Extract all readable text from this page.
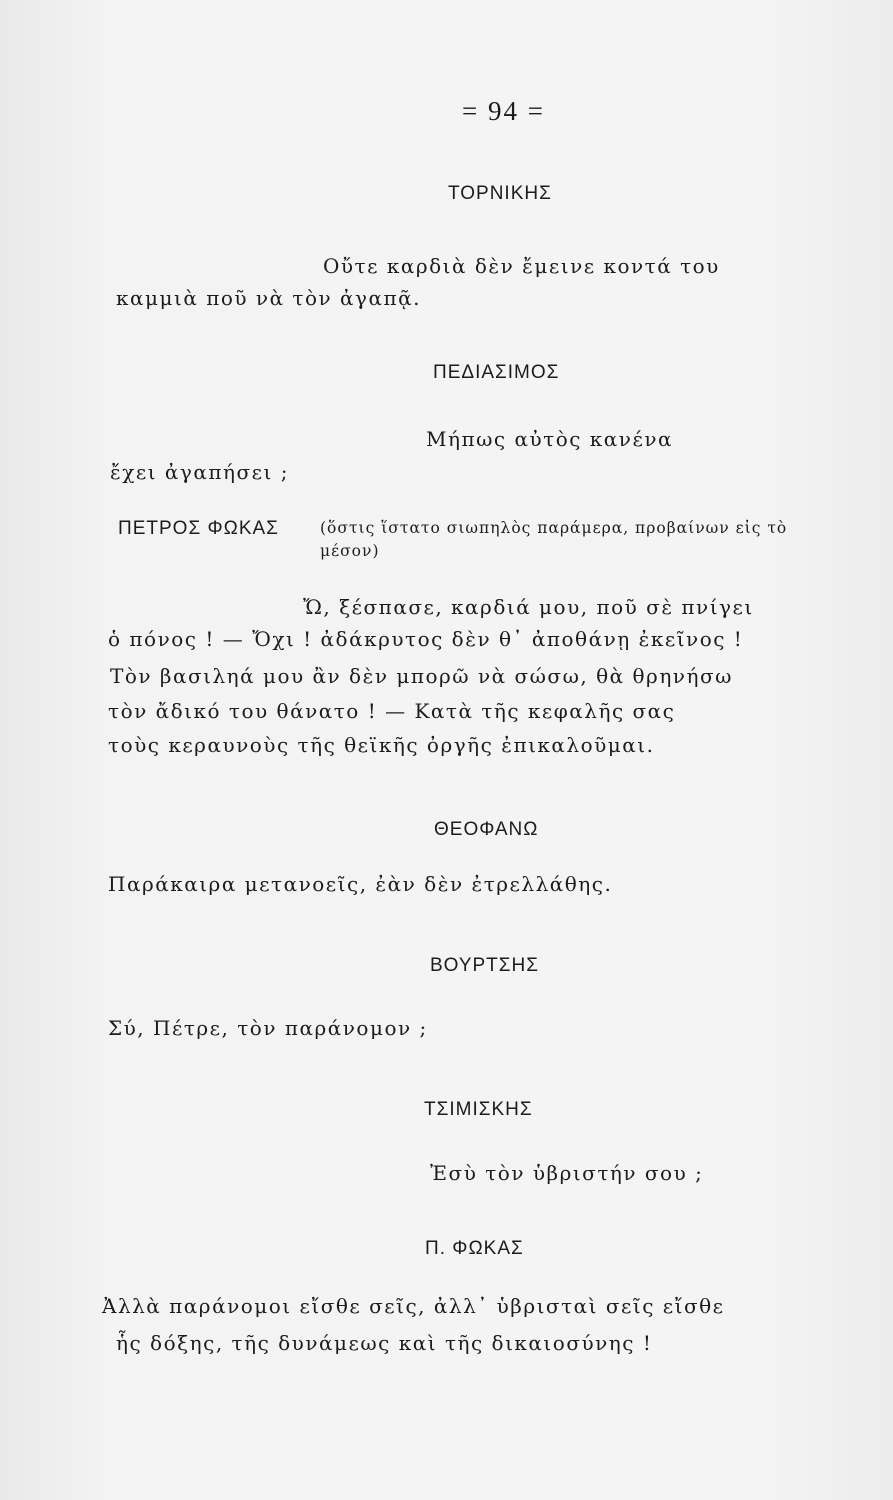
= 94 =
ΤΟΡΝΙΚΗΣ
Οὔτε καρδιὰ δὲν ἔμεινε κοντά του
καμμιὰ ποῦ νὰ τὸν ἀγαπᾷ.
ΠΕΔΙΑΣΙΜΟΣ
Μήπως αὐτὸς κανένα
ἔχει ἀγαπήσει ;
ΠΕΤΡΟΣ ΦΩΚΑΣ	(ὅστις ἵστατο σιωπηλὸς παράμερα, προβαίνων εἰς τὸ
μέσον)
Ὤ, ξέσπασε, καρδιά μου, ποῦ σὲ πνίγει
ὁ πόνος ! — Ὄχι ! ἀδάκρυτος δὲν θ᾽ ἀποθάνῃ ἐκεῖνος !
Τὸν βασιληά μου ἂν δὲν μπορῶ νὰ σώσω, θὰ θρηνήσω
τὸν ἄδικό του θάνατο ! — Κατὰ τῆς κεφαλῆς σας
τοὺς κεραυνοὺς τῆς θεϊκῆς ὀργῆς ἐπικαλοῦμαι.
ΘΕΟΦΑΝΩ
Παράκαιρα μετανοεῖς, ἐὰν δὲν ἐτρελλάθης.
ΒΟΥΡΤΣΗΣ
Σύ, Πέτρε, τὸν παράνομον ;
ΤΣΙΜΙΣΚΗΣ
Ἐσὺ τὸν ὑβριστήν σου ;
Π. ΦΩΚΑΣ
Ἀλλὰ παράνομοι εἴσθε σεῖς, ἀλλ᾽ ὑβρισταὶ σεῖς εἴσθε
ἧς δόξης, τῆς δυνάμεως καὶ τῆς δικαιοσύνης !
